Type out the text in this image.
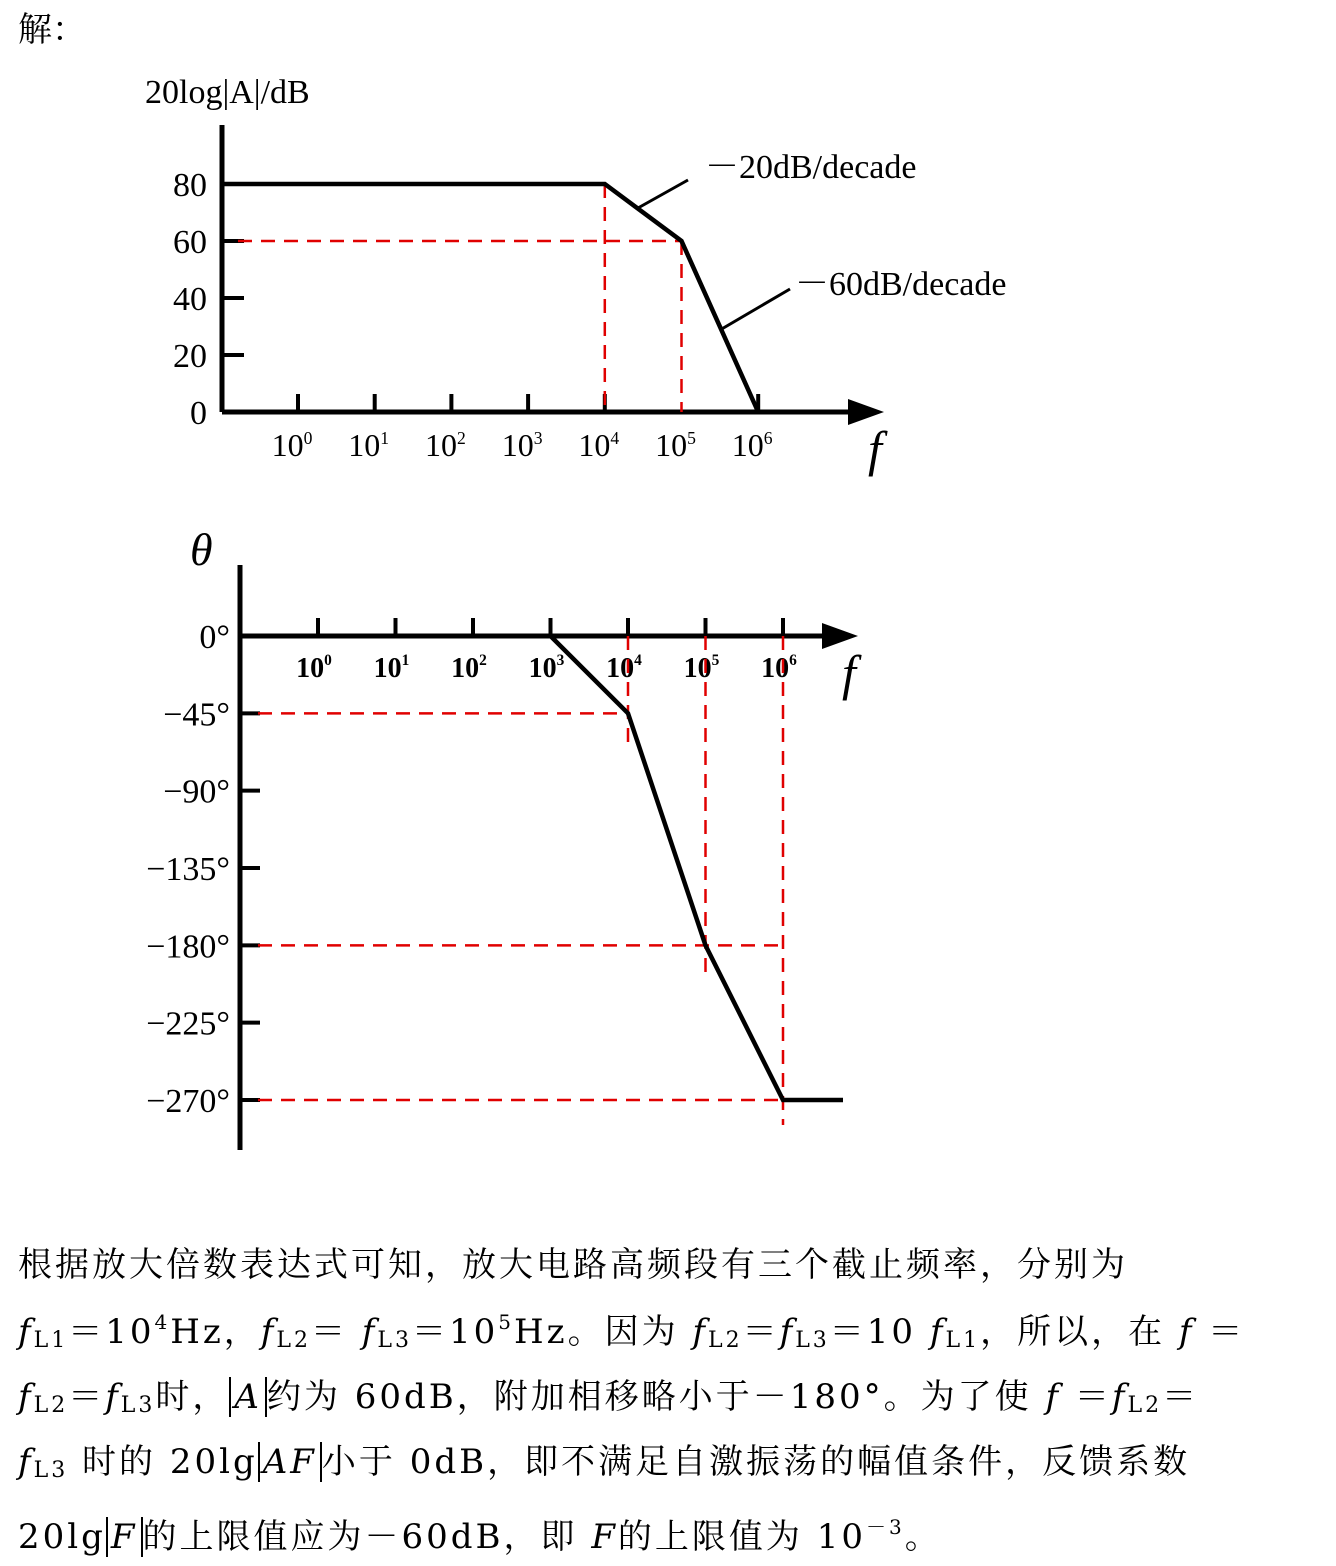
解：
20log|A|/dB
f
80
60
40
20
0
$10^0$ $10^1$ $10^2$ $10^3$ $10^4$ $10^5$ $10^6$
－20dB/decade
－60dB/decade
θ
f
0°
−45°
−90°
−135°
−180°
−225°
−270°
$10^0$ $10^1$ $10^2$ $10^3$ $10^4$ $10^5$ $10^6$
根据放大倍数表达式可知，放大电路高频段有三个截止频率，分别为
$fL1=10^4Hz$，$fL2= fL3=10^5Hz$。因为 fL2＝fL3＝10 fL1，所以，在 f ＝
fL2＝fL3时， A 约为 60dB，附加相移略小于－180°。为了使 f ＝fL2＝
fL3 时的 20lg AF 小于 0dB，即不满足自激振荡的幅值条件，反馈系数
20lg F 的上限值应为－60dB，即 F的上限值为 $10^{-3}$。
